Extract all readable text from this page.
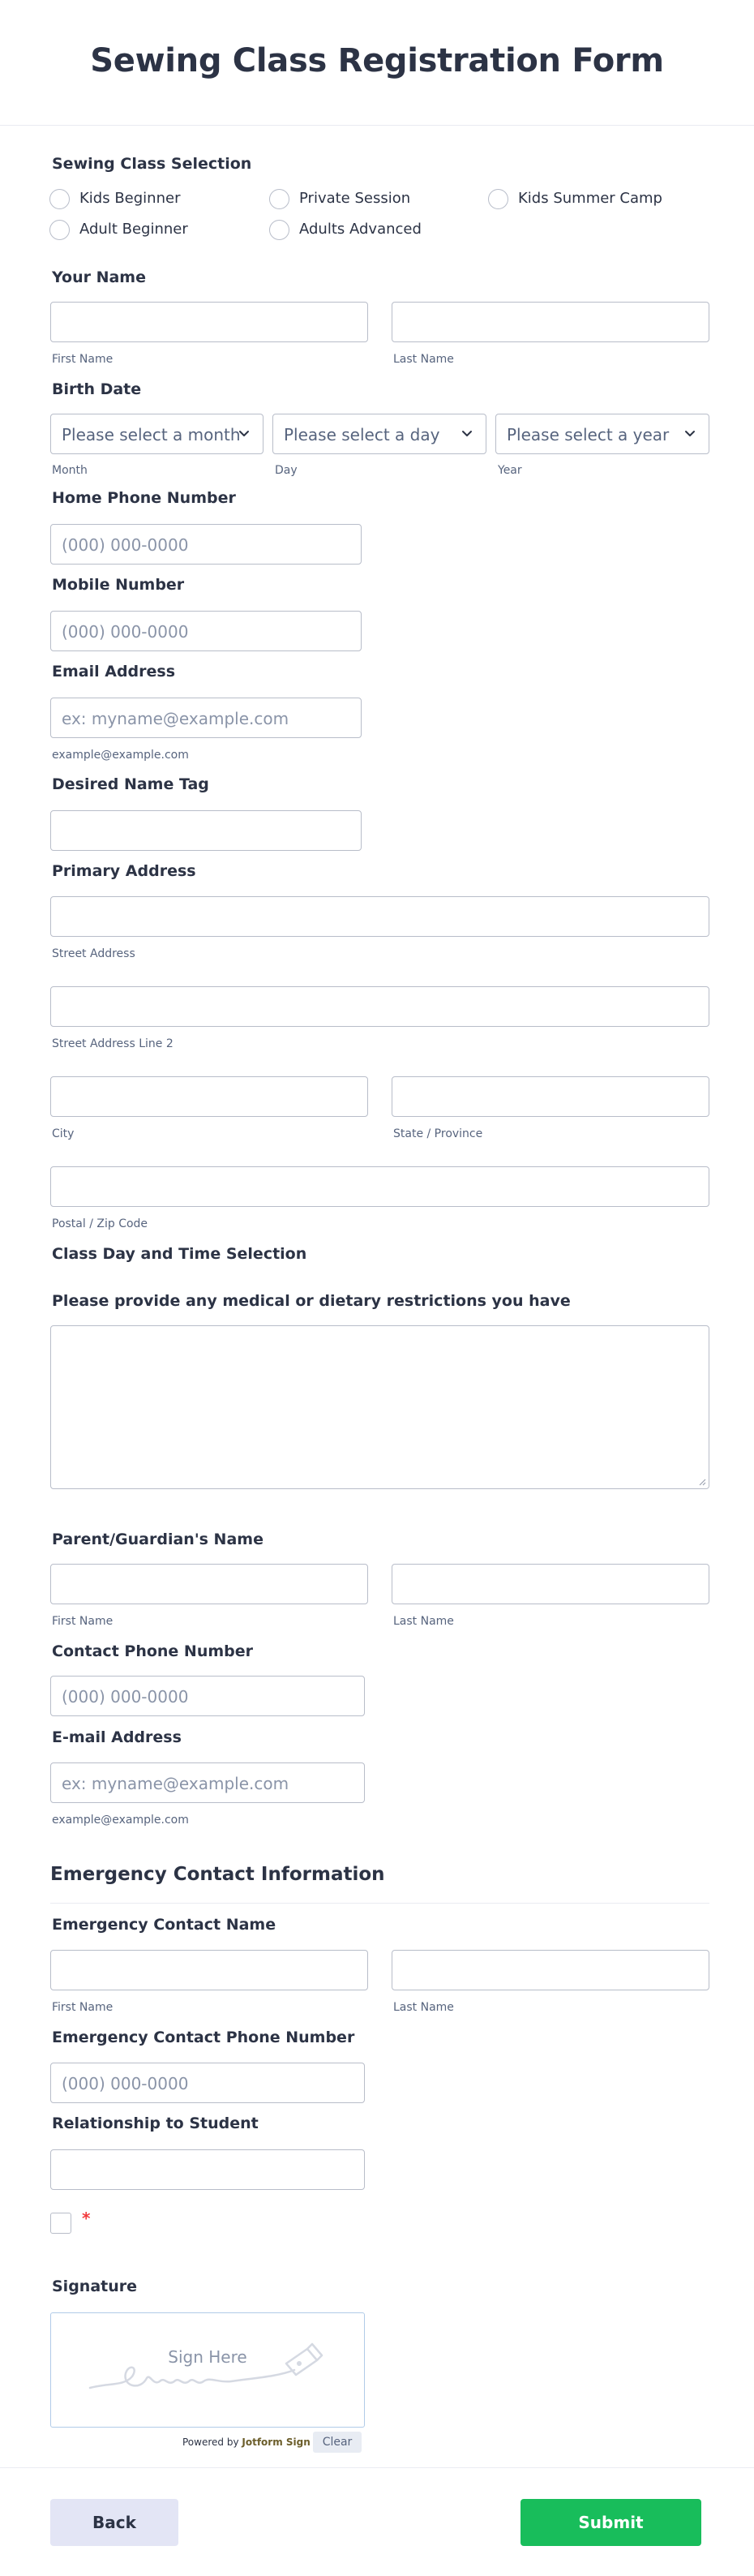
Sewing Class Registration Form
Sewing Class Selection
Kids Beginner	Private Session	Kids Summer Camp
Adult Beginner	Adults Advanced
Your Name
First Name	Last Name
Birth Date
Please select a month	Please select a day	Please select a year
Month	Day	Year
Home Phone Number
(000) 000-0000
Mobile Number
(000) 000-0000
Email Address
ex: myname@example.com
example@example.com
Desired Name Tag
Primary Address
Street Address
Street Address Line 2
City	State / Province
Postal / Zip Code
Class Day and Time Selection
Please provide any medical or dietary restrictions you have
Parent/Guardian's Name
First Name	Last Name
Contact Phone Number
(000) 000-0000
E-mail Address
ex: myname@example.com
example@example.com
Emergency Contact Information
Emergency Contact Name
First Name	Last Name
Emergency Contact Phone Number
(000) 000-0000
Relationship to Student
*
Signature
Sign Here
Powered by Jotform Sign	Clear
Back	Submit
